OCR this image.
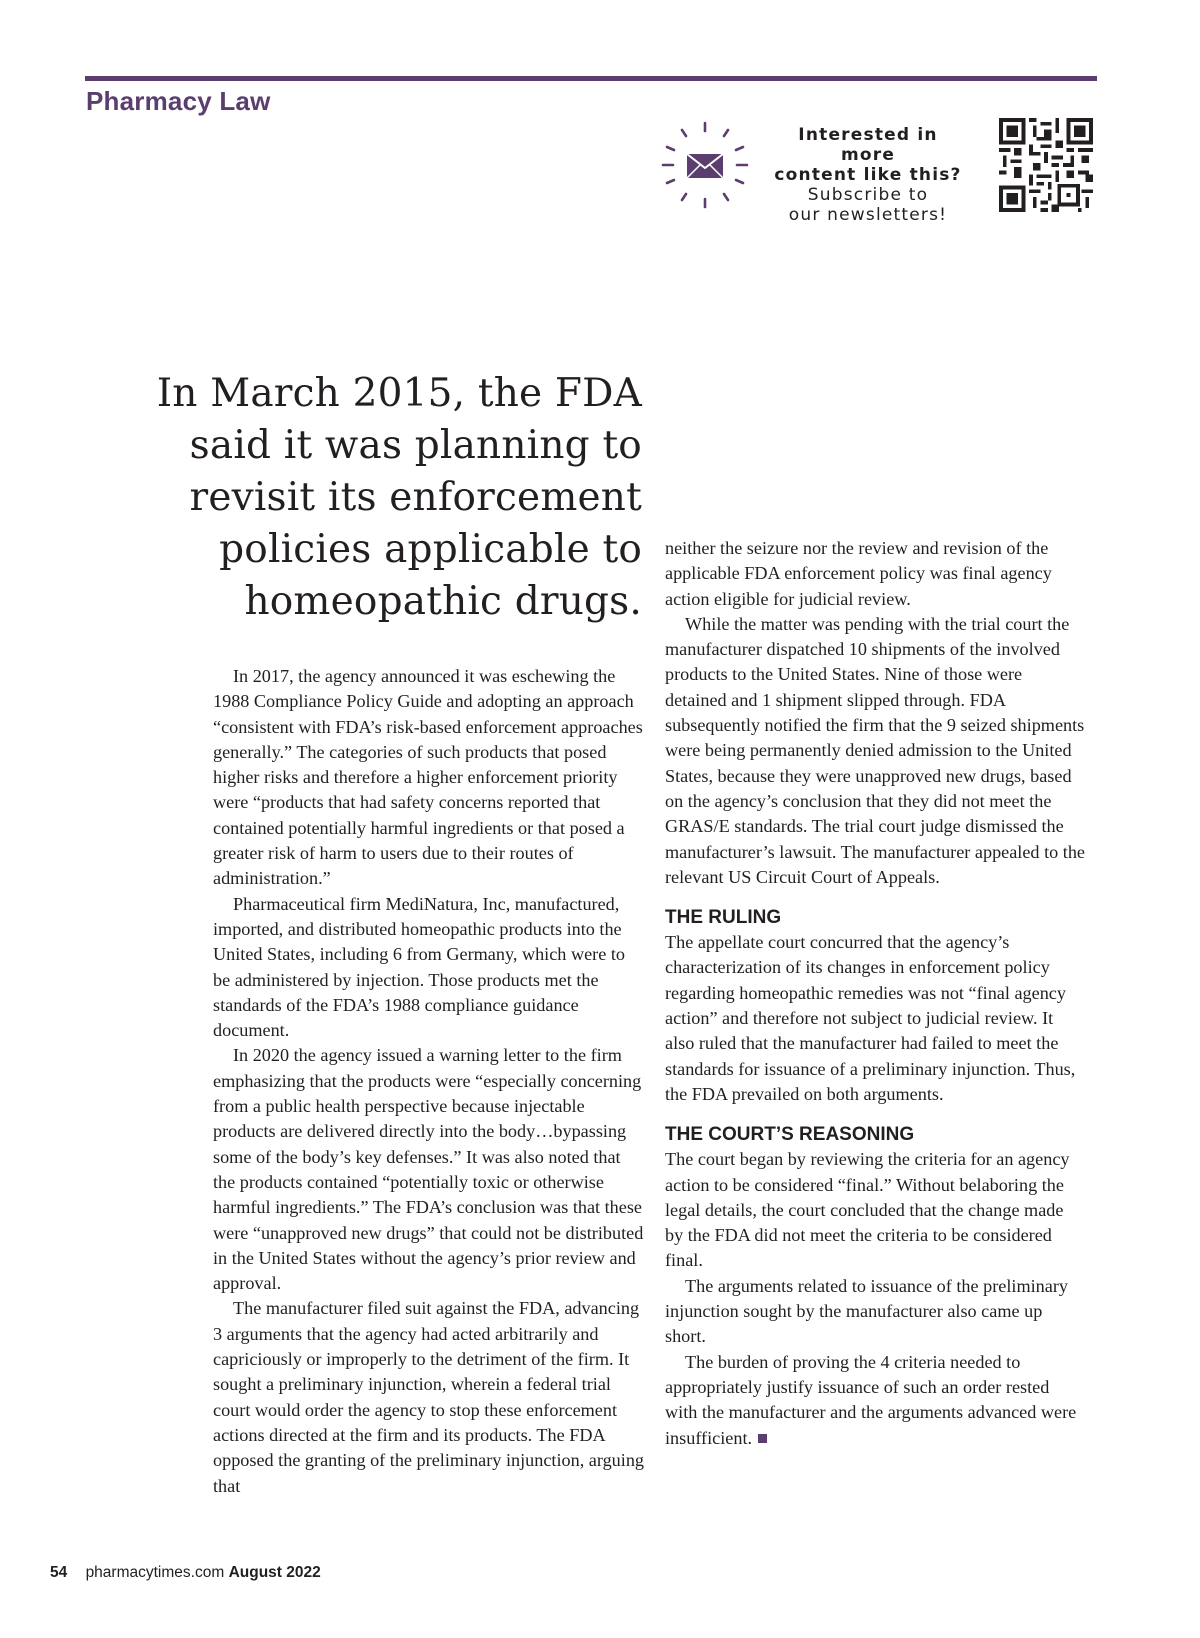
Pharmacy Law
Interested in more
content like this?
Subscribe to
our newsletters!
In March 2015, the FDA said it was planning to revisit its enforcement policies applicable to homeopathic drugs.

In 2017, the agency announced it was eschewing the 1988 Compliance Policy Guide and adopting an approach “consistent with FDA’s risk-based enforcement approaches generally.” The categories of such products that posed higher risks and therefore a higher enforcement priority were “products that had safety concerns reported that contained potentially harmful ingredients or that posed a greater risk of harm to users due to their routes of administration.”

Pharmaceutical firm MediNatura, Inc, manufactured, imported, and distributed homeopathic products into the United States, including 6 from Germany, which were to be administered by injection. Those products met the standards of the FDA’s 1988 compliance guidance document.

In 2020 the agency issued a warning letter to the firm emphasizing that the products were “especially concerning from a public health perspective because injectable products are delivered directly into the body…bypassing some of the body’s key defenses.” It was also noted that the products contained “potentially toxic or otherwise harmful ingredients.” The FDA’s conclusion was that these were “unapproved new drugs” that could not be distributed in the United States without the agency’s prior review and approval.

The manufacturer filed suit against the FDA, advancing 3 arguments that the agency had acted arbitrarily and capriciously or improperly to the detriment of the firm. It sought a preliminary injunction, wherein a federal trial court would order the agency to stop these enforcement actions directed at the firm and its products. The FDA opposed the granting of the preliminary injunction, arguing that

neither the seizure nor the review and revision of the applicable FDA enforcement policy was final agency action eligible for judicial review.

While the matter was pending with the trial court the manufacturer dispatched 10 shipments of the involved products to the United States. Nine of those were detained and 1 shipment slipped through. FDA subsequently notified the firm that the 9 seized shipments were being permanently denied admission to the United States, because they were unapproved new drugs, based on the agency’s conclusion that they did not meet the GRAS/E standards. The trial court judge dismissed the manufacturer’s lawsuit. The manufacturer appealed to the relevant US Circuit Court of Appeals.

THE RULING

The appellate court concurred that the agency’s characterization of its changes in enforcement policy regarding homeopathic remedies was not “final agency action” and therefore not subject to judicial review. It also ruled that the manufacturer had failed to meet the standards for issuance of a preliminary injunction. Thus, the FDA prevailed on both arguments.

THE COURT’S REASONING

The court began by reviewing the criteria for an agency action to be considered “final.” Without belaboring the legal details, the court concluded that the change made by the FDA did not meet the criteria to be considered final.

The arguments related to issuance of the preliminary injunction sought by the manufacturer also came up short.

The burden of proving the 4 criteria needed to appropriately justify issuance of such an order rested with the manufacturer and the arguments advanced were insufficient.

54 pharmacytimes.com August 2022
